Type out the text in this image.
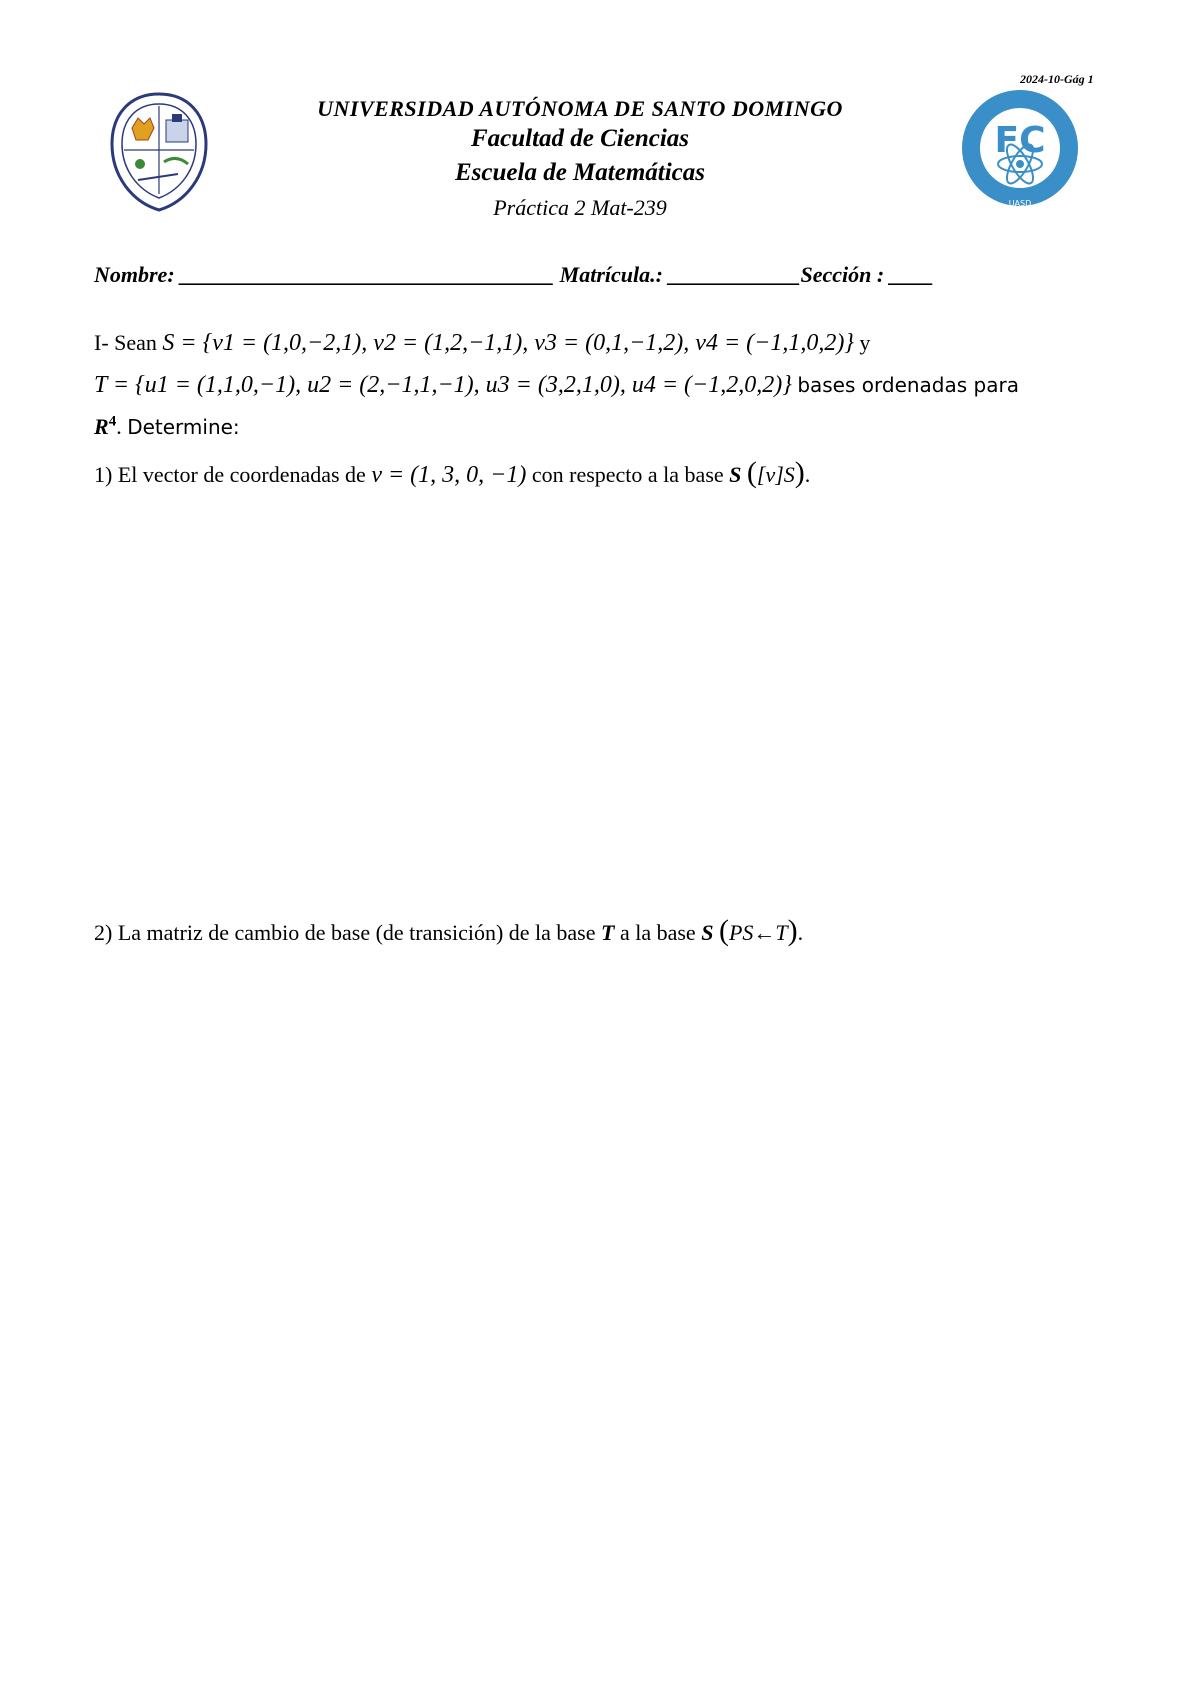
2024-10-Gág 1
FC
UASD
UNIVERSIDAD AUTÓNOMA DE SANTO DOMINGO
Facultad de Ciencias
Escuela de Matemáticas
Práctica 2 Mat-239
Nombre: __________________________________ Matrícula.: ____________Sección : ____
I- Sean S = {v1 = (1,0,−2,1), v2 = (1,2,−1,1), v3 = (0,1,−1,2), v4 = (−1,1,0,2)} y
T = {u1 = (1,1,0,−1), u2 = (2,−1,1,−1), u3 = (3,2,1,0), u4 = (−1,2,0,2)} bases ordenadas para
$R^4$. Determine:
1) El vector de coordenadas de v = (1, 3, 0, −1) con respecto a la base S ([v]S).
2) La matriz de cambio de base (de transición) de la base T a la base S (PS←T).
